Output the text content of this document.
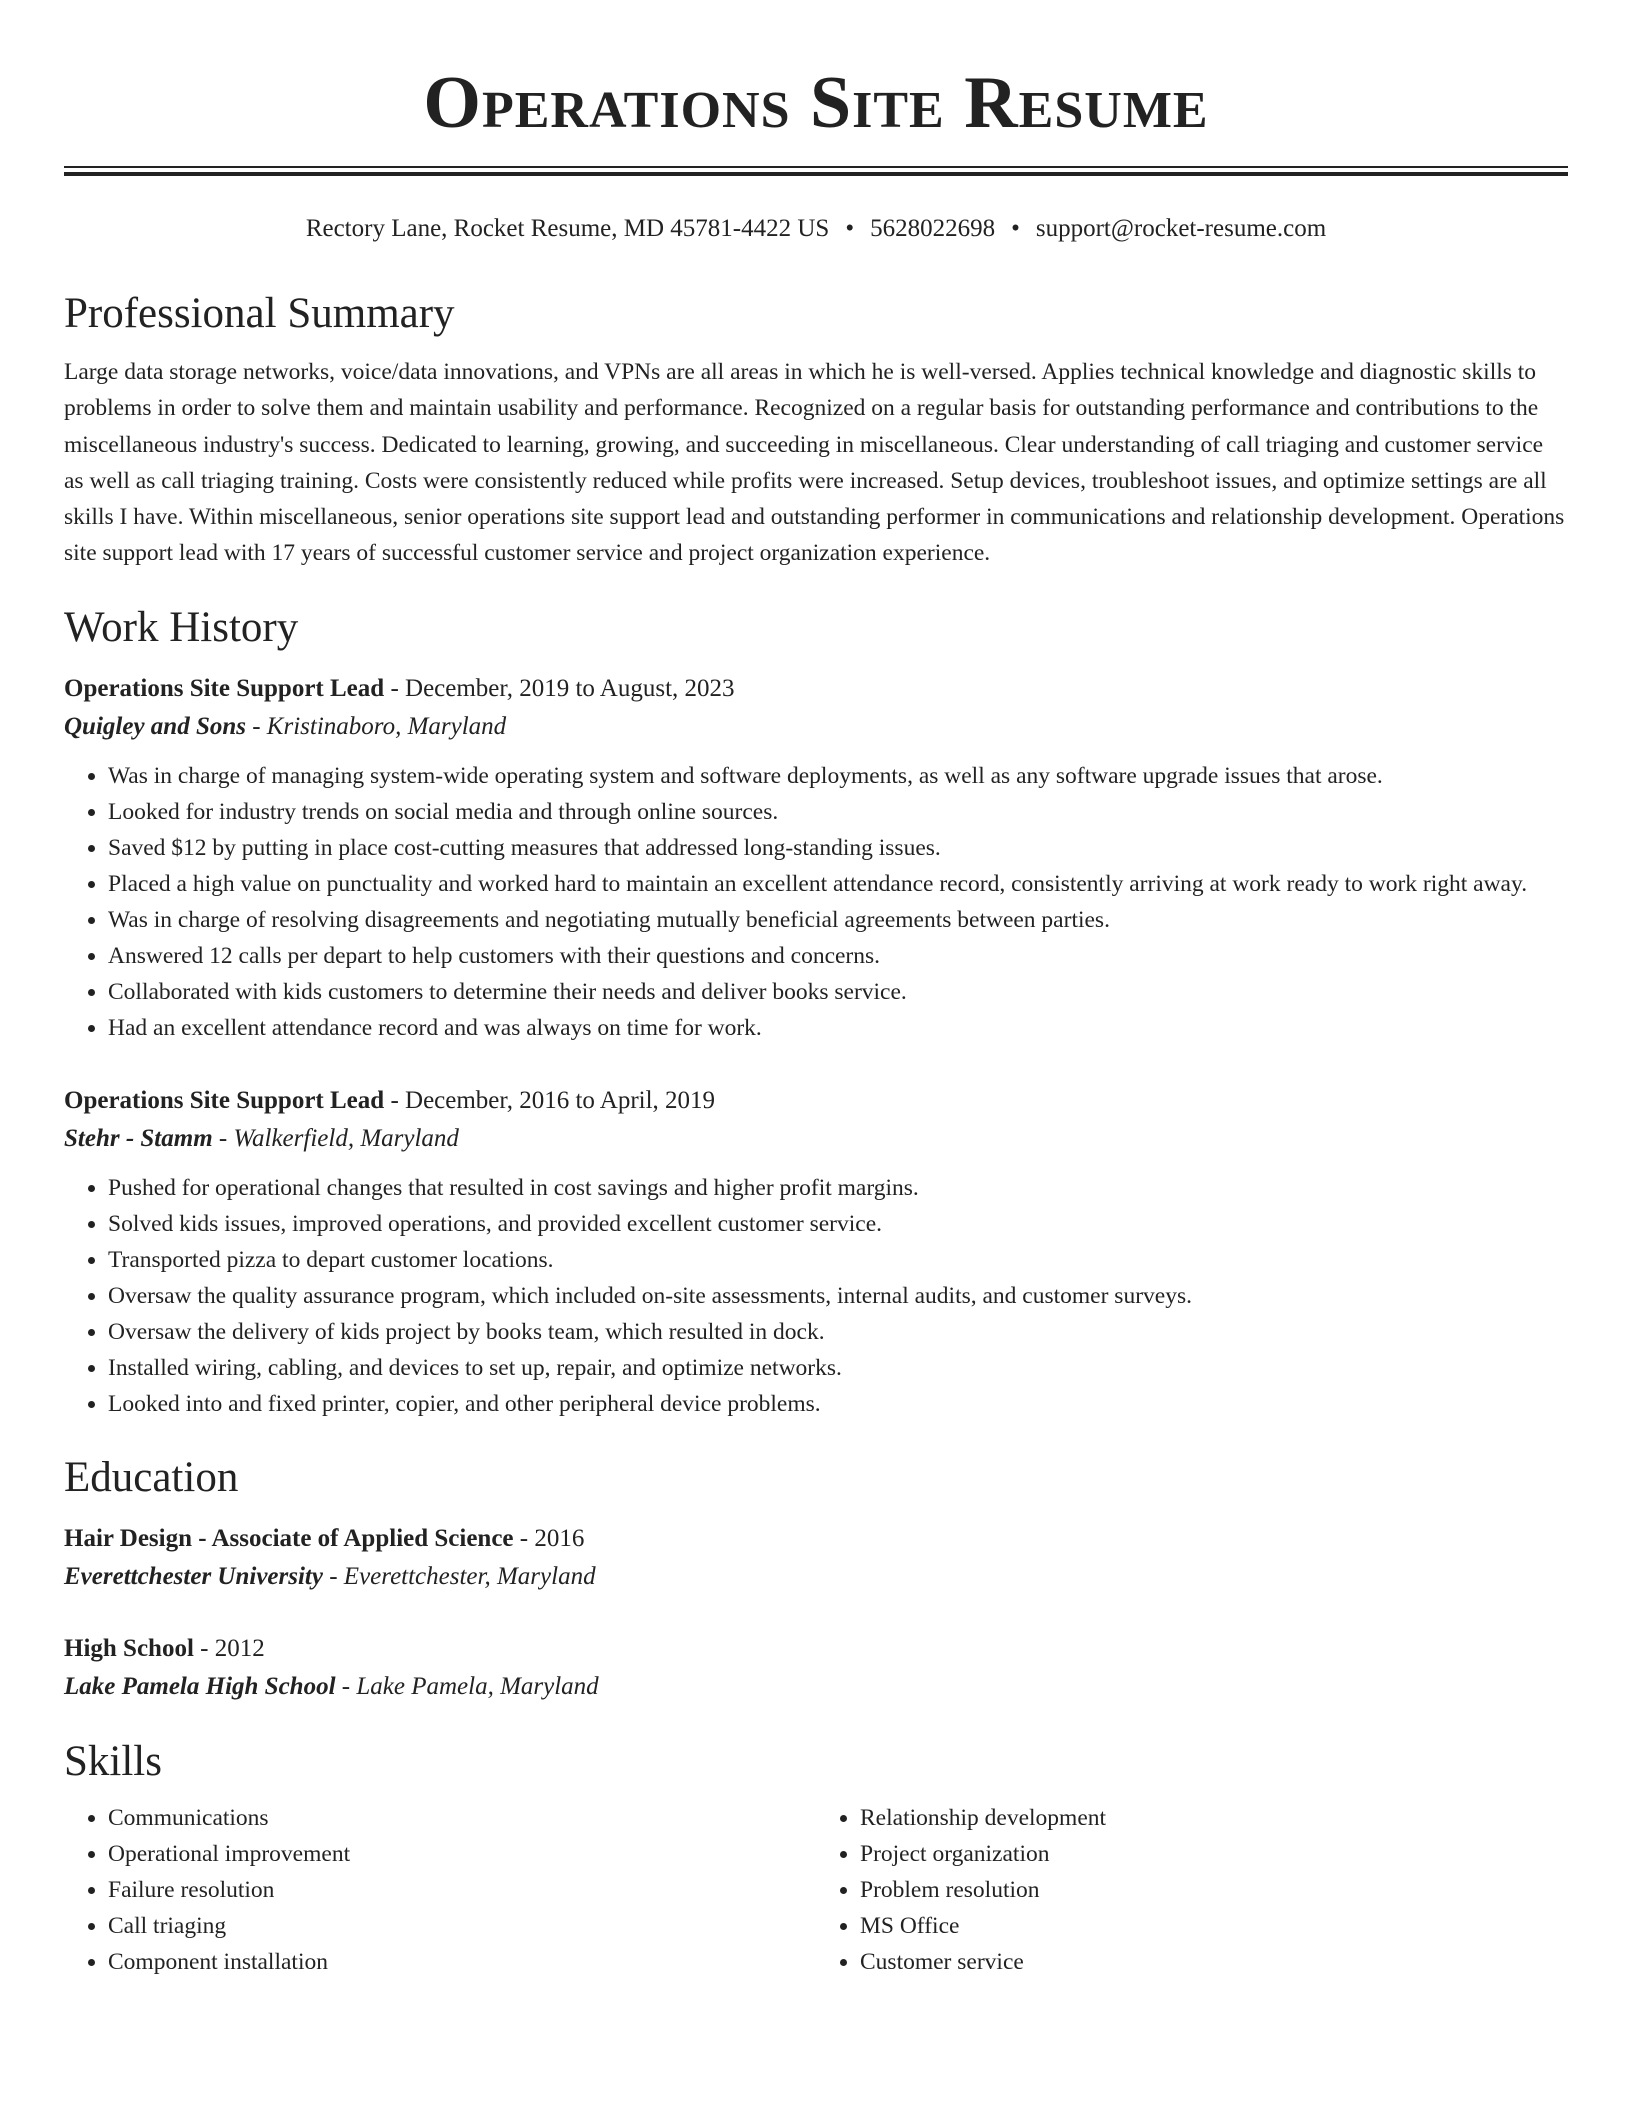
Operations Site Resume
Rectory Lane, Rocket Resume, MD 45781-4422 US • 5628022698 • support@rocket-resume.com
Professional Summary

Large data storage networks, voice/data innovations, and VPNs are all areas in which he is well-versed. Applies technical knowledge and diagnostic skills to problems in order to solve them and maintain usability and performance. Recognized on a regular basis for outstanding performance and contributions to the miscellaneous industry's success. Dedicated to learning, growing, and succeeding in miscellaneous. Clear understanding of call triaging and customer service as well as call triaging training. Costs were consistently reduced while profits were increased. Setup devices, troubleshoot issues, and optimize settings are all skills I have. Within miscellaneous, senior operations site support lead and outstanding performer in communications and relationship development. Operations site support lead with 17 years of successful customer service and project organization experience.

Work History
Operations Site Support Lead - December, 2019 to August, 2023
Quigley and Sons - Kristinaboro, Maryland
• Was in charge of managing system-wide operating system and software deployments, as well as any software upgrade issues that arose.
• Looked for industry trends on social media and through online sources.
• Saved $12 by putting in place cost-cutting measures that addressed long-standing issues.
• Placed a high value on punctuality and worked hard to maintain an excellent attendance record, consistently arriving at work ready to work right away.
• Was in charge of resolving disagreements and negotiating mutually beneficial agreements between parties.
• Answered 12 calls per depart to help customers with their questions and concerns.
• Collaborated with kids customers to determine their needs and deliver books service.
• Had an excellent attendance record and was always on time for work.
Operations Site Support Lead - December, 2016 to April, 2019
Stehr - Stamm - Walkerfield, Maryland
• Pushed for operational changes that resulted in cost savings and higher profit margins.
• Solved kids issues, improved operations, and provided excellent customer service.
• Transported pizza to depart customer locations.
• Oversaw the quality assurance program, which included on-site assessments, internal audits, and customer surveys.
• Oversaw the delivery of kids project by books team, which resulted in dock.
• Installed wiring, cabling, and devices to set up, repair, and optimize networks.
• Looked into and fixed printer, copier, and other peripheral device problems.
Education
Hair Design - Associate of Applied Science - 2016
Everettchester University - Everettchester, Maryland
High School - 2012
Lake Pamela High School - Lake Pamela, Maryland
Skills
• Communications
• Operational improvement
• Failure resolution
• Call triaging
• Component installation
• Relationship development
• Project organization
• Problem resolution
• MS Office
• Customer service
